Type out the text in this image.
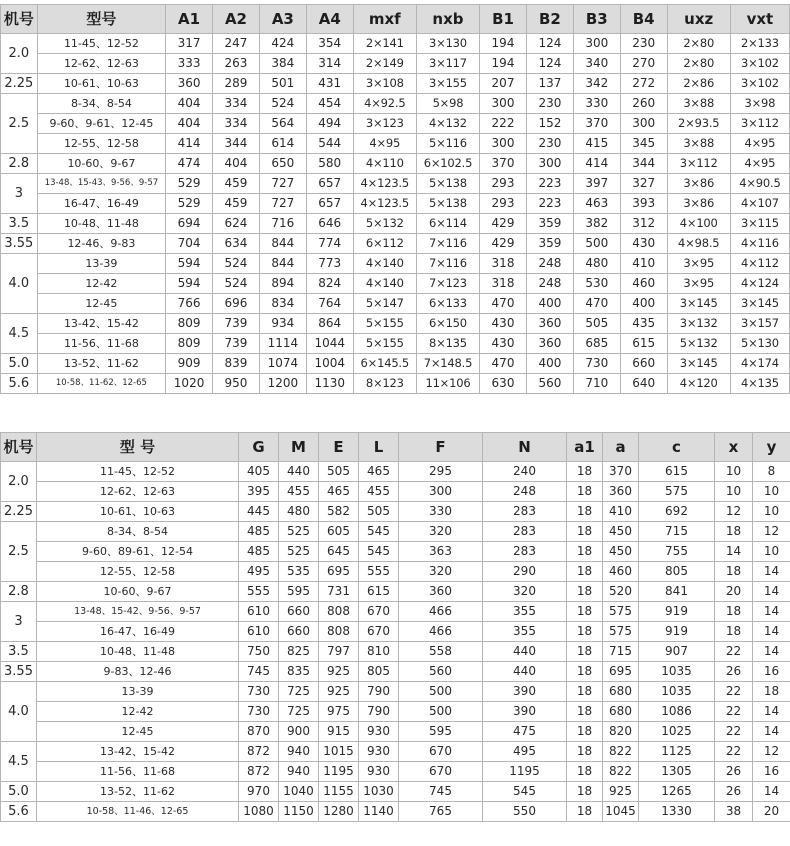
机号	型号	A1	A2	A3	A4	mxf	nxb	B1	B2	B3	B4	uxz	vxt
2.0	11-45、12-52	317	247	424	354	2×141	3×130	194	124	300	230	2×80	2×133
	12-62、12-63	333	263	384	314	2×149	3×117	194	124	340	270	2×80	3×102
2.25	10-61、10-63	360	289	501	431	3×108	3×155	207	137	342	272	2×86	3×102
2.5	8-34、8-54	404	334	524	454	4×92.5	5×98	300	230	330	260	3×88	3×98
	9-60、9-61、12-45	404	334	564	494	3×123	4×132	222	152	370	300	2×93.5	3×112
	12-55、12-58	414	344	614	544	4×95	5×116	300	230	415	345	3×88	4×95
2.8	10-60、9-67	474	404	650	580	4×110	6×102.5	370	300	414	344	3×112	4×95
3	13-48、15-43、9-56、9-57	529	459	727	657	4×123.5	5×138	293	223	397	327	3×86	4×90.5
	16-47、16-49	529	459	727	657	4×123.5	5×138	293	223	463	393	3×86	4×107
3.5	10-48、11-48	694	624	716	646	5×132	6×114	429	359	382	312	4×100	3×115
3.55	12-46、9-83	704	634	844	774	6×112	7×116	429	359	500	430	4×98.5	4×116
4.0	13-39	594	524	844	773	4×140	7×116	318	248	480	410	3×95	4×112
	12-42	594	524	894	824	4×140	7×123	318	248	530	460	3×95	4×124
	12-45	766	696	834	764	5×147	6×133	470	400	470	400	3×145	3×145
4.5	13-42、15-42	809	739	934	864	5×155	6×150	430	360	505	435	3×132	3×157
	11-56、11-68	809	739	1114	1044	5×155	8×135	430	360	685	615	5×132	5×130
5.0	13-52、11-62	909	839	1074	1004	6×145.5	7×148.5	470	400	730	660	3×145	4×174
5.6	10-58、11-62、12-65	1020	950	1200	1130	8×123	11×106	630	560	710	640	4×120	4×135
机号	型 号	G	M	E	L	F	N	a1	a	c	x	y
2.0	11-45、12-52	405	440	505	465	295	240	18	370	615	10	8
	12-62、12-63	395	455	465	455	300	248	18	360	575	10	10
2.25	10-61、10-63	445	480	582	505	330	283	18	410	692	12	10
2.5	8-34、8-54	485	525	605	545	320	283	18	450	715	18	12
	9-60、89-61、12-54	485	525	645	545	363	283	18	450	755	14	10
	12-55、12-58	495	535	695	555	320	290	18	460	805	18	14
2.8	10-60、9-67	555	595	731	615	360	320	18	520	841	20	14
3	13-48、15-42、9-56、9-57	610	660	808	670	466	355	18	575	919	18	14
	16-47、16-49	610	660	808	670	466	355	18	575	919	18	14
3.5	10-48、11-48	750	825	797	810	558	440	18	715	907	22	14
3.55	9-83、12-46	745	835	925	805	560	440	18	695	1035	26	16
4.0	13-39	730	725	925	790	500	390	18	680	1035	22	18
	12-42	730	725	975	790	500	390	18	680	1086	22	14
	12-45	870	900	915	930	595	475	18	820	1025	22	14
4.5	13-42、15-42	872	940	1015	930	670	495	18	822	1125	22	12
	11-56、11-68	872	940	1195	930	670	1195	18	822	1305	26	16
5.0	13-52、11-62	970	1040	1155	1030	745	545	18	925	1265	26	14
5.6	10-58、11-46、12-65	1080	1150	1280	1140	765	550	18	1045	1330	38	20
